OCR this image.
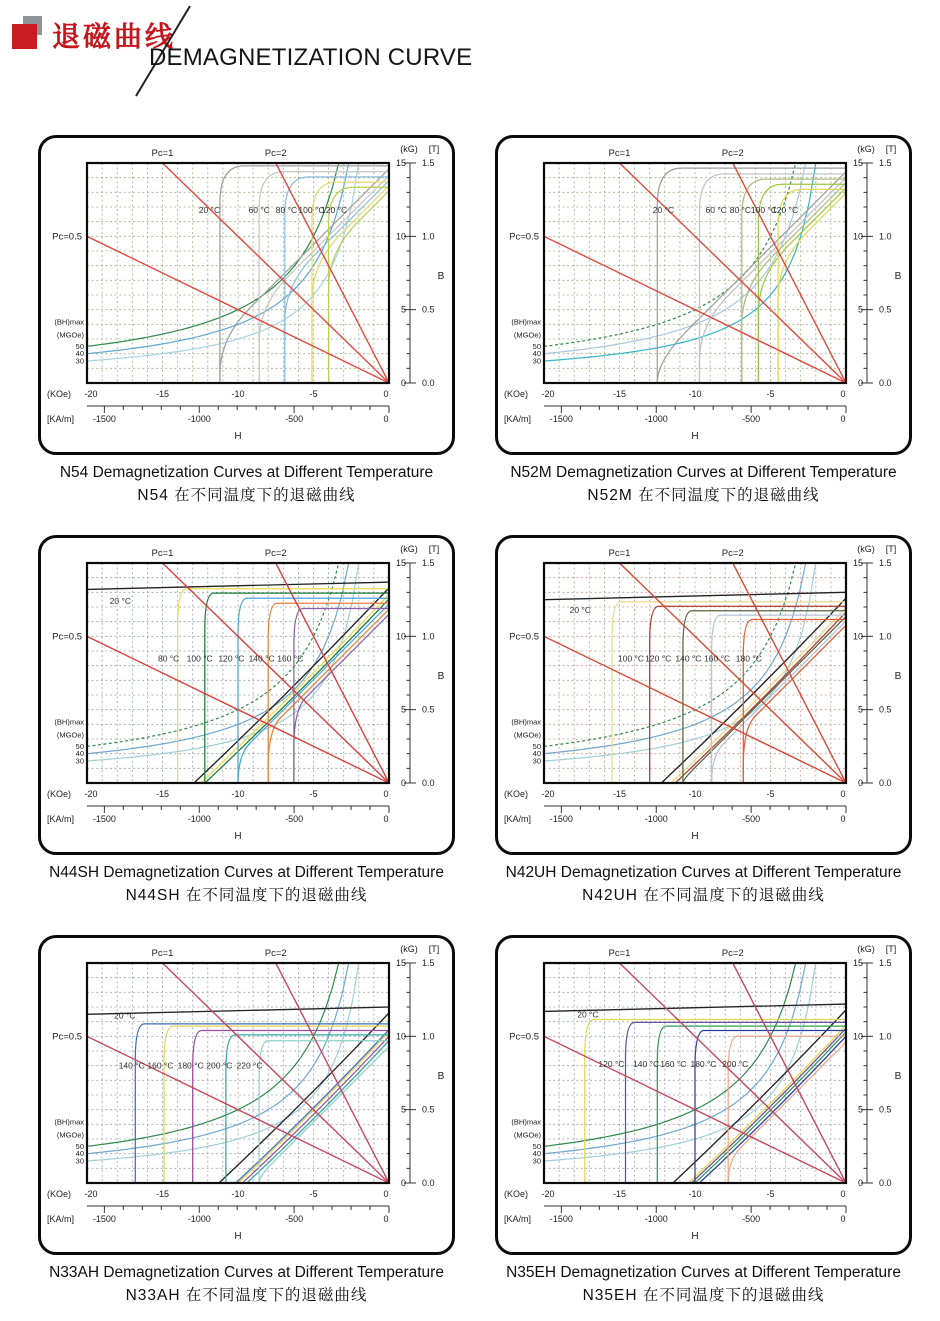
退磁曲线
DEMAGNETIZATION CURVE
Pc=0.5
Pc=1	Pc=2
15
10
5
0
1.5
1.0
0.5
0.0
(kG) [T]
B
(BH)max
(MGOe)
50
40
30
(KOe) -20	-15	-10	-5	0
[KA/m] -1500	-1000	-500	0
H
20 °C	60 °C 80 °C 100 °C
120 °C
N54 Demagnetization Curves at Different Temperature
N54 在不同温度下的退磁曲线
Pc=0.5
Pc=1	Pc=2
15
10
5
0
1.5
1.0
0.5
0.0
(kG) [T]
B
(BH)max
(MGOe)
50
40
30
(KOe) -20	-15	-10	-5	0
[KA/m] -1500	-1000	-500	0
H
20 °C	60 °C 80 °C 100 °C
120 °C
N52M Demagnetization Curves at Different Temperature
N52M 在不同温度下的退磁曲线
Pc=0.5
Pc=1	Pc=2
15
10
5
0
1.5
1.0
0.5
0.0
(kG) [T]
B
(BH)max
(MGOe)
50
40
30
(KOe) -20	-15	-10	-5	0
[KA/m] -1500	-1000	-500	0
H
20 °C
80 °C 100 °C 120 °C 140 °C 160 °C
N44SH Demagnetization Curves at Different Temperature
N44SH 在不同温度下的退磁曲线
Pc=0.5
Pc=1	Pc=2
15
10
5
0
1.5
1.0
0.5
0.0
(kG) [T]
B
(BH)max
(MGOe)
50
40
30
(KOe) -20	-15	-10	-5	0
[KA/m] -1500	-1000	-500	0
H
20 °C
100 °C 120 °C 140 °C 160 °C 180 °C
N42UH Demagnetization Curves at Different Temperature
N42UH 在不同温度下的退磁曲线
Pc=0.5
Pc=1	Pc=2
15
10
5
0
1.5
1.0
0.5
0.0
(kG) [T]
B
(BH)max
(MGOe)
50
40
30
(KOe) -20	-15	-10	-5	0
[KA/m] -1500	-1000	-500	0
H
20 °C
140 °C 160 °C 180 °C 200 °C 220 °C
N33AH Demagnetization Curves at Different Temperature
N33AH 在不同温度下的退磁曲线
Pc=0.5
Pc=1	Pc=2
15
10
5
0
1.5
1.0
0.5
0.0
(kG) [T]
B
(BH)max
(MGOe)
50
40
30
(KOe) -20	-15	-10	-5	0
[KA/m] -1500	-1000	-500	0
H
20 °C
120 °C 140 °C 160 °C 180 °C 200 °C
N35EH Demagnetization Curves at Different Temperature
N35EH 在不同温度下的退磁曲线
